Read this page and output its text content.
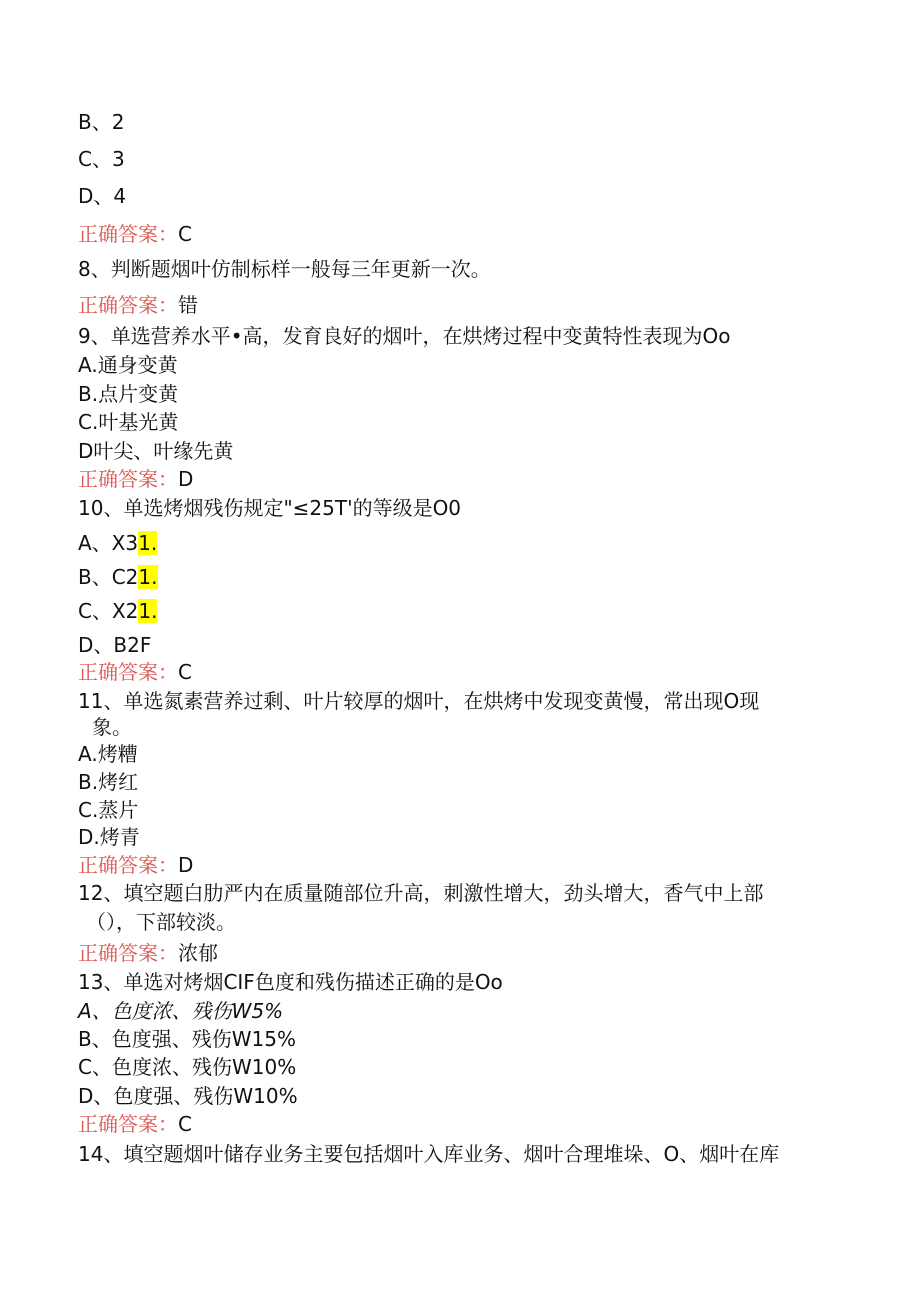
B、2
C、3
D、4
正确答案：C
8、判断题烟叶仿制标样一般每三年更新一次。
正确答案：错
9、单选营养水平•高，发育良好的烟叶，在烘烤过程中变黄特性表现为Oo
A.通身变黄
B.点片变黄
C.叶基光黄
D叶尖、叶缘先黄
正确答案：D
10、单选烤烟残伤规定"≤25T'的等级是O0
A、X31.
B、C21.
C、X21.
D、B2F
正确答案：C
11、单选氮素营养过剩、叶片较厚的烟叶，在烘烤中发现变黄慢，常出现O现
象。
A.烤糟
B.烤红
C.蒸片
D.烤青
正确答案：D
12、填空题白肋严内在质量随部位升高，刺激性增大，劲头增大，香气中上部
（），下部较淡。
正确答案：浓郁
13、单选对烤烟CIF色度和残伤描述正确的是Oo
A、色度浓、残伤W5%
B、色度强、残伤W15%
C、色度浓、残伤W10%
D、色度强、残伤W10%
正确答案：C
14、填空题烟叶储存业务主要包括烟叶入库业务、烟叶合理堆垛、O、烟叶在库
